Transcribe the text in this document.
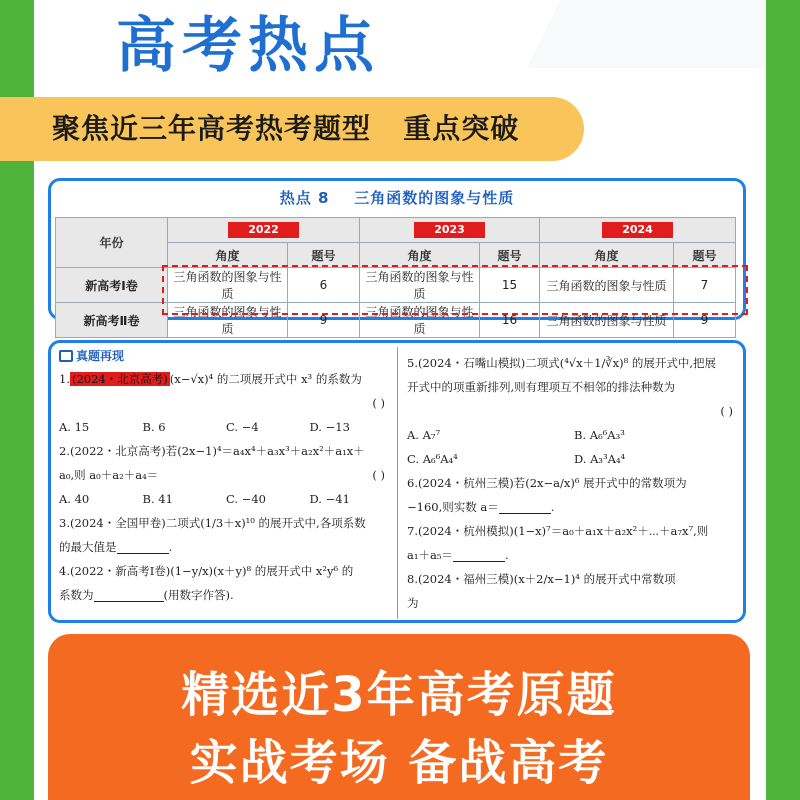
高考热点
聚焦近三年高考热考题型   重点突破
热点 8    三角函数的图象与性质
年份	2022		2023		2024	
	角度	题号	角度	题号	角度	题号
新高考Ⅰ卷	三角函数的图象与性质	6	三角函数的图象与性质	15	三角函数的图象与性质	7
新高考Ⅱ卷	三角函数的图象与性质	9	三角函数的图象与性质	16	三角函数的图象与性质	9
真题再现
1. (2024・北京高考) (x−√x)⁴ 的二项展开式中 x³ 的系数为
( )

A. 15	B. 6	C. −4	D. −13
2.(2022・北京高考)若(2x−1)⁴＝a₄x⁴＋a₃x³＋a₂x²＋a₁x＋
a₀,则 a₀＋a₂＋a₄＝	( )
A. 40	B. 41	C. −40	D. −41
3.(2024・全国甲卷)二项式(1/3＋x)¹⁰ 的展开式中,各项系数
的最大值是	.
4.(2022・新高考Ⅰ卷)(1−y/x)(x＋y)⁸ 的展开式中 x²y⁶ 的
系数为	(用数字作答).
5.(2024・石嘴山模拟)二项式(⁴√x＋1/∛x)⁸ 的展开式中,把展
开式中的项重新排列,则有理项互不相邻的排法种数为
( )

A. A₇⁷	B. A₆⁶A₃³
C. A₆⁶A₄⁴	D. A₃³A₄⁴
6.(2024・杭州三模)若(2x−a/x)⁶ 展开式中的常数项为
−160,则实数 a＝	.
7.(2024・杭州模拟)(1−x)⁷＝a₀＋a₁x＋a₂x²＋⋯＋a₇x⁷,则
a₁＋a₅＝	.
8.(2024・福州三模)(x＋2/x−1)⁴ 的展开式中常数项
为
精选近3年高考原题
实战考场 备战高考
